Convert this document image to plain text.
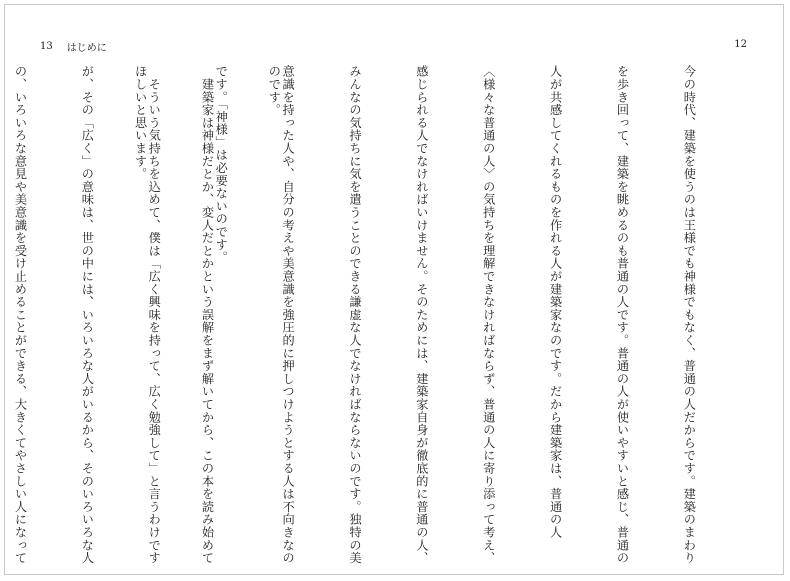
13 はじめに	12

今の時代、建築を使うのは王様でも神様でもなく、普通の人だからです。建築のまわり

を歩き回って、建築を眺めるのも普通の人です。普通の人が使いやすいと感じ、普通の

人が共感してくれるものを作れる人が建築家なのです。だから建築家は、普通の人

〈様々な普通の人〉の気持ちを理解できなければならず、普通の人に寄り添って考え、

感じられる人でなければいけません。そのためには、建築家自身が徹底的に普通の人、

みんなの気持ちに気を遣うことのできる謙虚な人でなければならないのです。独特の美

意識を持った人や、自分の考えや美意識を強圧的に押しつけようとする人は不向きなの

です。「神様」は必要ないのです。

　そういう気持ちを込めて、僕は「広く興味を持って、広く勉強して」と言うわけです

が、その「広く」の意味は、世の中には、いろいろな人がいるから、そのいろいろな人

の、いろいろな意見や美意識を受け止めることができる、大きくてやさしい人になって

	のです。

　建築家は神様だとか、変人だとかという誤解をまず解いてから、この本を読み始めて

ほしいと思います。
